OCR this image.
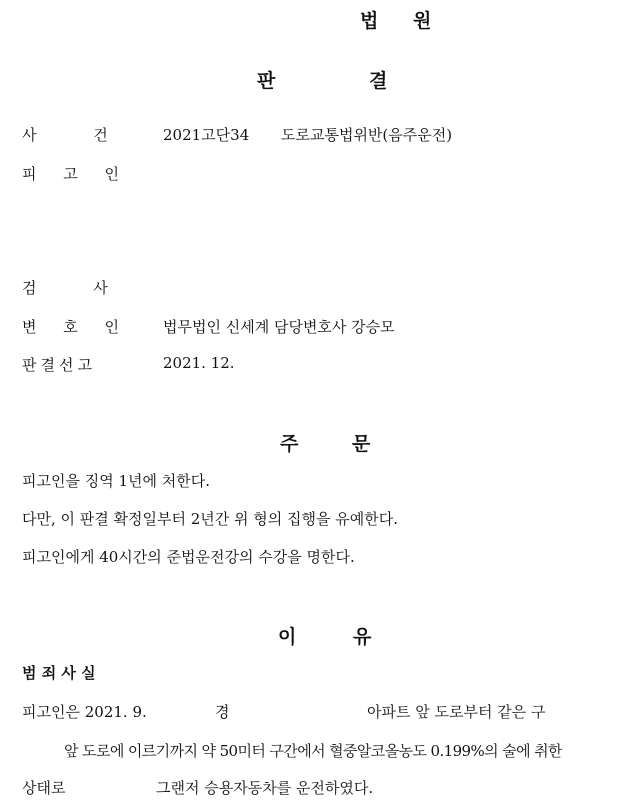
법 원
판	결
사 건	2021고단34 도로교통법위반(음주운전)
피 고 인
검 사
변 호 인	법무법인 신세계 담당변호사 강승모
판결선고	2021. 12.
주	문
피고인을 징역 1년에 처한다.
다만, 이 판결 확정일부터 2년간 위 형의 집행을 유예한다.
피고인에게 40시간의 준법운전강의 수강을 명한다.
이	유
범 죄 사 실
피고인은 2021. 9.	경	아파트 앞 도로부터 같은 구
앞 도로에 이르기까지 약 50미터 구간에서 혈중알코올농도 0.199%의 술에 취한
상태로	그랜저 승용자동차를 운전하였다.
